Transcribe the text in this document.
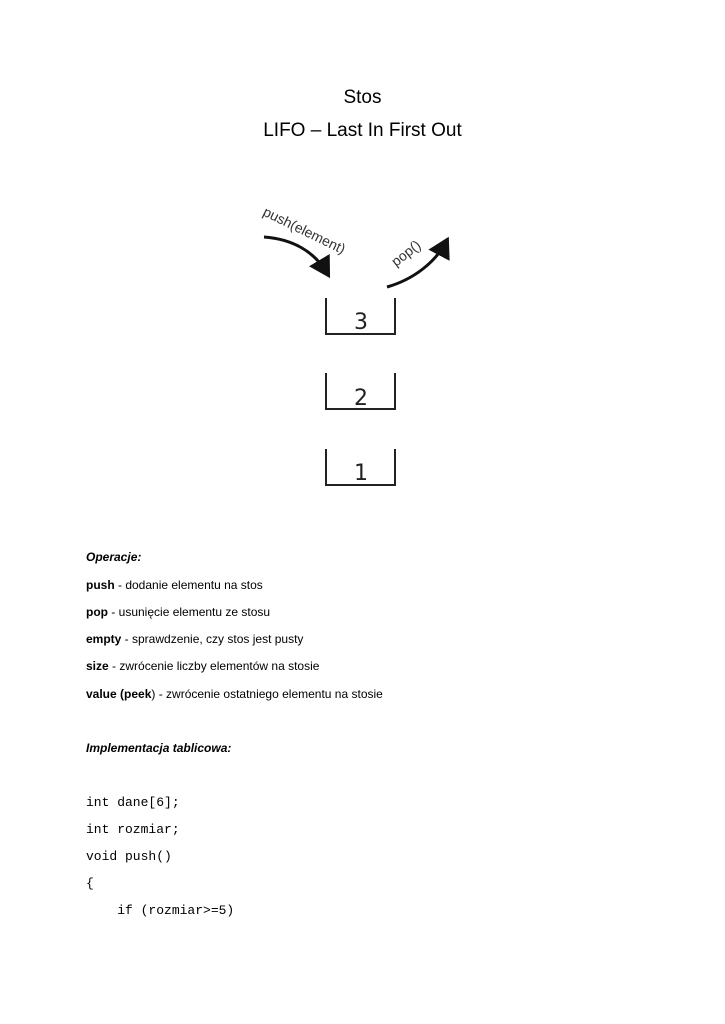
Stos
LIFO – Last In First Out
push(element)	pop()
3
2
1
Operacje:
push - dodanie elementu na stos
pop - usunięcie elementu ze stosu
empty - sprawdzenie, czy stos jest pusty
size - zwrócenie liczby elementów na stosie
value (peek) - zwrócenie ostatniego elementu na stosie
Implementacja tablicowa:
int dane[6];
int rozmiar;
void push()
{
if (rozmiar>=5)
